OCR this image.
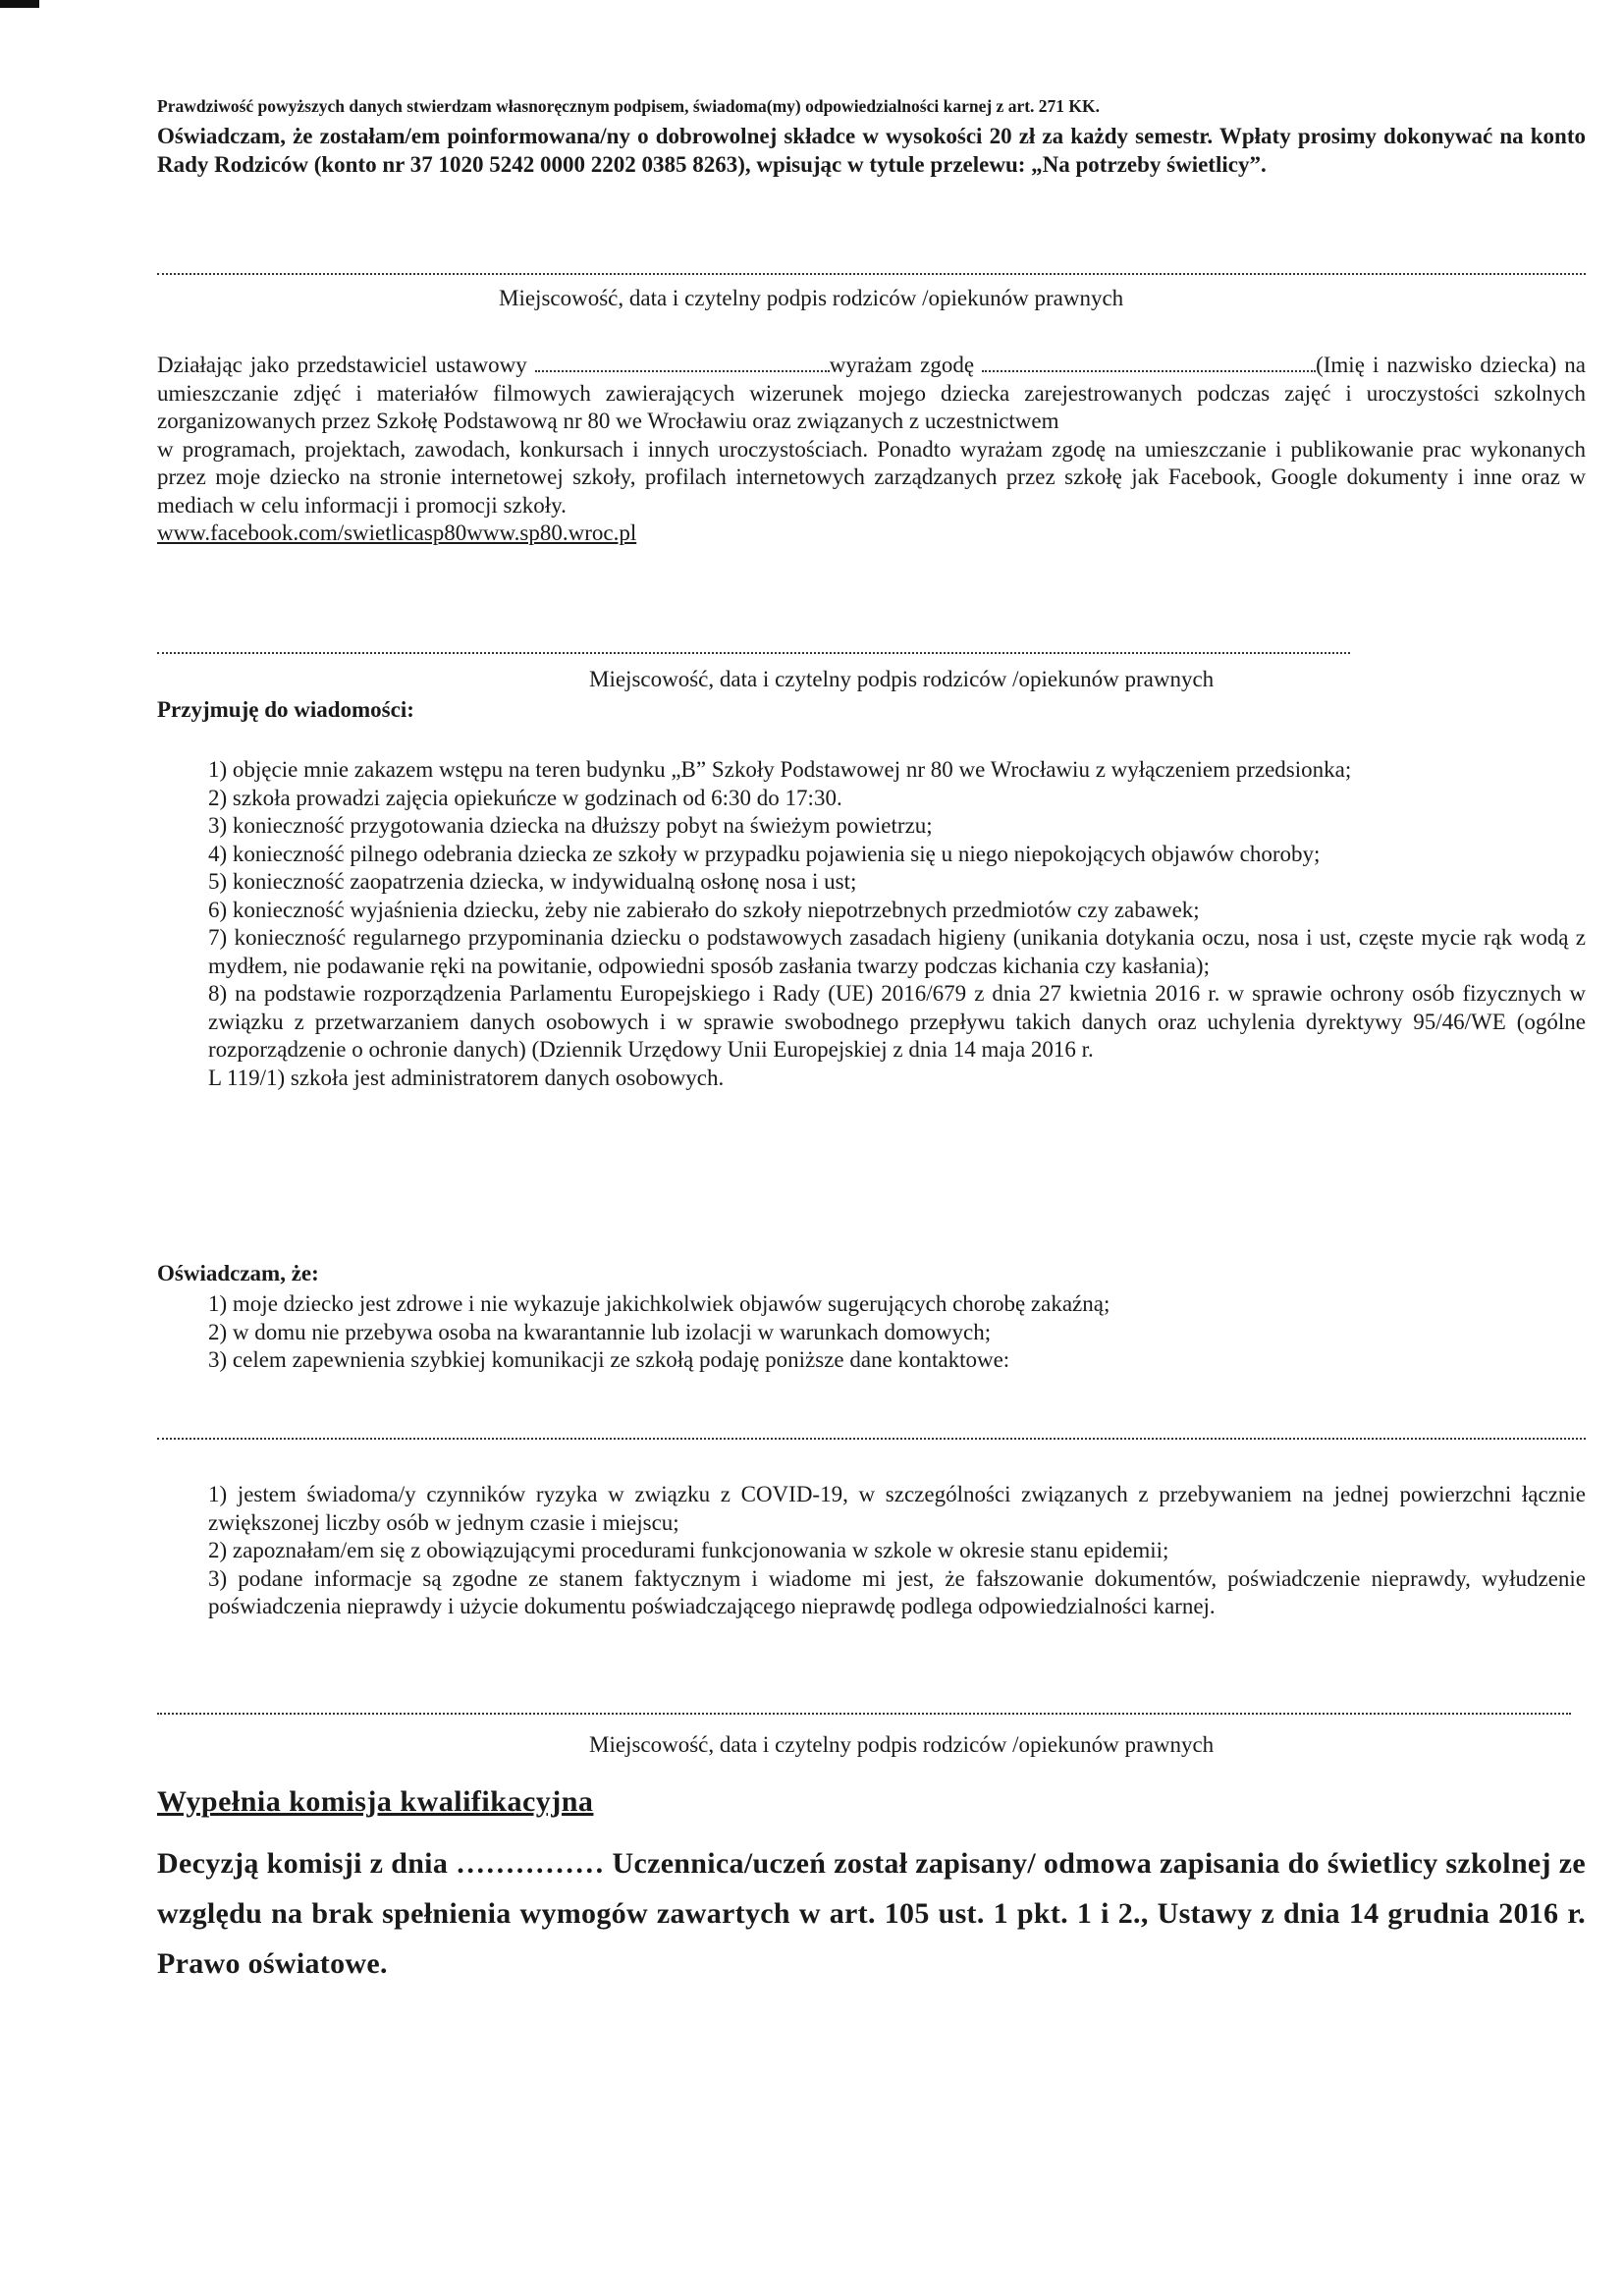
Prawdziwość powyższych danych stwierdzam własnoręcznym podpisem, świadoma(my) odpowiedzialności karnej z art. 271 KK.
Oświadczam, że zostałam/em poinformowana/ny o dobrowolnej składce w wysokości 20 zł za każdy semestr. Wpłaty prosimy dokonywać na konto Rady Rodziców (konto nr 37 1020 5242 0000 2202 0385 8263), wpisując w tytule przelewu: „Na potrzeby świetlicy”.
Miejscowość, data i czytelny podpis rodziców /opiekunów prawnych

Działając jako przedstawiciel ustawowy	wyrażam zgodę	(Imię i nazwisko dziecka) na umieszczanie zdjęć i materiałów filmowych zawierających wizerunek mojego dziecka zarejestrowanych podczas zajęć i uroczystości szkolnych zorganizowanych przez Szkołę Podstawową nr 80 we Wrocławiu oraz związanych z uczestnictwem

w programach, projektach, zawodach, konkursach i innych uroczystościach. Ponadto wyrażam zgodę na umieszczanie i publikowanie prac wykonanych przez moje dziecko na stronie internetowej szkoły, profilach internetowych zarządzanych przez szkołę jak Facebook, Google dokumenty i inne oraz w mediach w celu informacji i promocji szkoły.

www.facebook.com/swietlicasp80www.sp80.wroc.pl

Miejscowość, data i czytelny podpis rodziców /opiekunów prawnych
Przyjmuję do wiadomości:
1) objęcie mnie zakazem wstępu na teren budynku „B” Szkoły Podstawowej nr 80 we Wrocławiu z wyłączeniem przedsionka;
2) szkoła prowadzi zajęcia opiekuńcze w godzinach od 6:30 do 17:30.
3) konieczność przygotowania dziecka na dłuższy pobyt na świeżym powietrzu;
4) konieczność pilnego odebrania dziecka ze szkoły w przypadku pojawienia się u niego niepokojących objawów choroby;
5) konieczność zaopatrzenia dziecka, w indywidualną osłonę nosa i ust;
6) konieczność wyjaśnienia dziecku, żeby nie zabierało do szkoły niepotrzebnych przedmiotów czy zabawek;
7) konieczność regularnego przypominania dziecku o podstawowych zasadach higieny (unikania dotykania oczu, nosa i ust, częste mycie rąk wodą z mydłem, nie podawanie ręki na powitanie, odpowiedni sposób zasłania twarzy podczas kichania czy kasłania);
8) na podstawie rozporządzenia Parlamentu Europejskiego i Rady (UE) 2016/679 z dnia 27 kwietnia 2016 r. w sprawie ochrony osób fizycznych w związku z przetwarzaniem danych osobowych i w sprawie swobodnego przepływu takich danych oraz uchylenia dyrektywy 95/46/WE (ogólne rozporządzenie o ochronie danych) (Dziennik Urzędowy Unii Europejskiej z dnia 14 maja 2016 r.
L 119/1) szkoła jest administratorem danych osobowych.
Oświadczam, że:
1) moje dziecko jest zdrowe i nie wykazuje jakichkolwiek objawów sugerujących chorobę zakaźną;
2) w domu nie przebywa osoba na kwarantannie lub izolacji w warunkach domowych;
3) celem zapewnienia szybkiej komunikacji ze szkołą podaję poniższe dane kontaktowe:
1) jestem świadoma/y czynników ryzyka w związku z COVID-19, w szczególności związanych z przebywaniem na jednej powierzchni łącznie zwiększonej liczby osób w jednym czasie i miejscu;
2) zapoznałam/em się z obowiązującymi procedurami funkcjonowania w szkole w okresie stanu epidemii;
3) podane informacje są zgodne ze stanem faktycznym i wiadome mi jest, że fałszowanie dokumentów, poświadczenie nieprawdy, wyłudzenie poświadczenia nieprawdy i użycie dokumentu poświadczającego nieprawdę podlega odpowiedzialności karnej.
Miejscowość, data i czytelny podpis rodziców /opiekunów prawnych
Wypełnia komisja kwalifikacyjna
Decyzją komisji z dnia …………… Uczennica/uczeń został zapisany/ odmowa zapisania do świetlicy szkolnej ze względu na brak spełnienia wymogów zawartych w art. 105 ust. 1 pkt. 1 i 2., Ustawy z dnia 14 grudnia 2016 r. Prawo oświatowe.
